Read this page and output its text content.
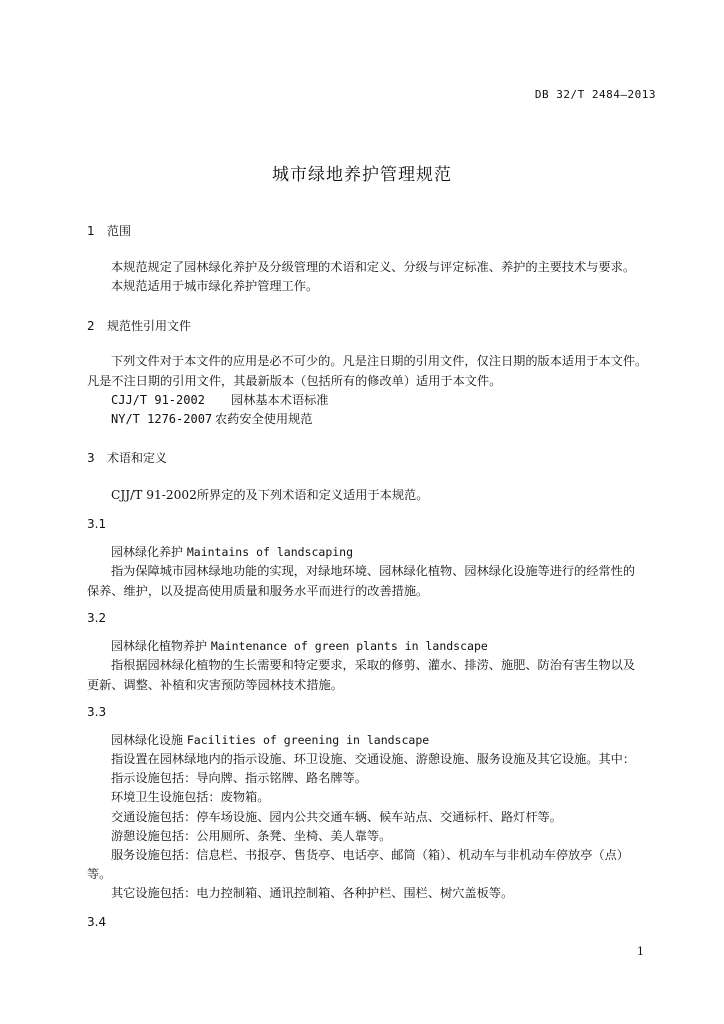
DB 32/T 2484—2013
城市绿地养护管理规范
1 范围
本规范规定了园林绿化养护及分级管理的术语和定义、分级与评定标准、养护的主要技术与要求。
本规范适用于城市绿化养护管理工作。
2 规范性引用文件
下列文件对于本文件的应用是必不可少的。凡是注日期的引用文件，仅注日期的版本适用于本文件。
凡是不注日期的引用文件，其最新版本（包括所有的修改单）适用于本文件。
CJJ/T 91-2002 园林基本术语标准
NY/T 1276-2007 农药安全使用规范
3 术语和定义
CJJ/T 91-2002所界定的及下列术语和定义适用于本规范。
3.1
园林绿化养护 Maintains of landscaping
指为保障城市园林绿地功能的实现，对绿地环境、园林绿化植物、园林绿化设施等进行的经常性的
保养、维护，以及提高使用质量和服务水平而进行的改善措施。
3.2
园林绿化植物养护 Maintenance of green plants in landscape
指根据园林绿化植物的生长需要和特定要求，采取的修剪、灌水、排涝、施肥、防治有害生物以及
更新、调整、补植和灾害预防等园林技术措施。
3.3
园林绿化设施 Facilities of greening in landscape
指设置在园林绿地内的指示设施、环卫设施、交通设施、游憩设施、服务设施及其它设施。其中：
指示设施包括：导向牌、指示铭牌、路名牌等。
环境卫生设施包括：废物箱。
交通设施包括：停车场设施、园内公共交通车辆、候车站点、交通标杆、路灯杆等。
游憩设施包括：公用厕所、条凳、坐椅、美人靠等。
服务设施包括：信息栏、书报亭、售货亭、电话亭、邮筒（箱）、机动车与非机动车停放亭（点）
等。
其它设施包括：电力控制箱、通讯控制箱、各种护栏、围栏、树穴盖板等。
3.4
1
